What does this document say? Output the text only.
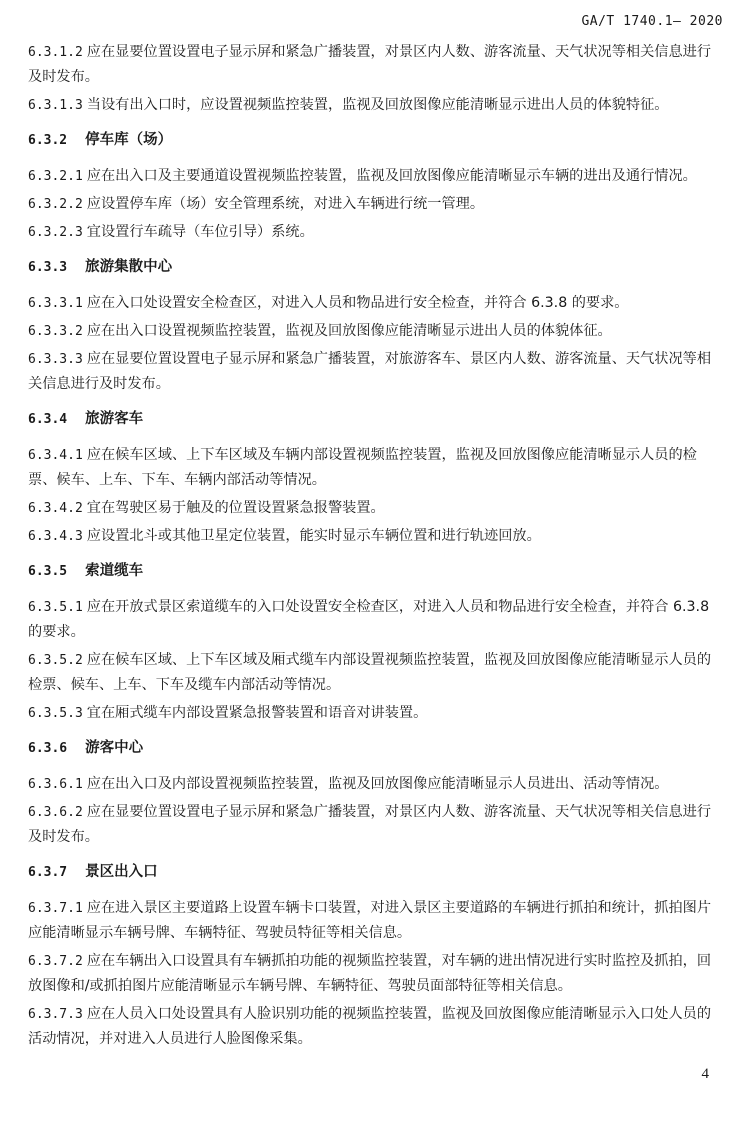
GA/T 1740.1— 2020
6.3.1.2 应在显要位置设置电子显示屏和紧急广播装置，对景区内人数、游客流量、天气状况等相关信息进行及时发布。
6.3.1.3 当设有出入口时，应设置视频监控装置，监视及回放图像应能清晰显示进出人员的体貌特征。
6.3.2 停车库（场）
6.3.2.1 应在出入口及主要通道设置视频监控装置，监视及回放图像应能清晰显示车辆的进出及通行情况。
6.3.2.2 应设置停车库（场）安全管理系统，对进入车辆进行统一管理。
6.3.2.3 宜设置行车疏导（车位引导）系统。
6.3.3 旅游集散中心
6.3.3.1 应在入口处设置安全检查区，对进入人员和物品进行安全检查，并符合 6.3.8 的要求。
6.3.3.2 应在出入口设置视频监控装置，监视及回放图像应能清晰显示进出人员的体貌体征。
6.3.3.3 应在显要位置设置电子显示屏和紧急广播装置，对旅游客车、景区内人数、游客流量、天气状况等相关信息进行及时发布。
6.3.4 旅游客车
6.3.4.1 应在候车区域、上下车区域及车辆内部设置视频监控装置，监视及回放图像应能清晰显示人员的检票、候车、上车、下车、车辆内部活动等情况。
6.3.4.2 宜在驾驶区易于触及的位置设置紧急报警装置。
6.3.4.3 应设置北斗或其他卫星定位装置，能实时显示车辆位置和进行轨迹回放。
6.3.5 索道缆车
6.3.5.1 应在开放式景区索道缆车的入口处设置安全检查区，对进入人员和物品进行安全检查，并符合 6.3.8 的要求。
6.3.5.2 应在候车区域、上下车区域及厢式缆车内部设置视频监控装置，监视及回放图像应能清晰显示人员的检票、候车、上车、下车及缆车内部活动等情况。
6.3.5.3 宜在厢式缆车内部设置紧急报警装置和语音对讲装置。
6.3.6 游客中心
6.3.6.1 应在出入口及内部设置视频监控装置，监视及回放图像应能清晰显示人员进出、活动等情况。
6.3.6.2 应在显要位置设置电子显示屏和紧急广播装置，对景区内人数、游客流量、天气状况等相关信息进行及时发布。
6.3.7 景区出入口
6.3.7.1 应在进入景区主要道路上设置车辆卡口装置，对进入景区主要道路的车辆进行抓拍和统计，抓拍图片应能清晰显示车辆号牌、车辆特征、驾驶员特征等相关信息。
6.3.7.2 应在车辆出入口设置具有车辆抓拍功能的视频监控装置，对车辆的进出情况进行实时监控及抓拍，回放图像和/或抓拍图片应能清晰显示车辆号牌、车辆特征、驾驶员面部特征等相关信息。
6.3.7.3 应在人员入口处设置具有人脸识别功能的视频监控装置，监视及回放图像应能清晰显示入口处人员的活动情况，并对进入人员进行人脸图像采集。
4
